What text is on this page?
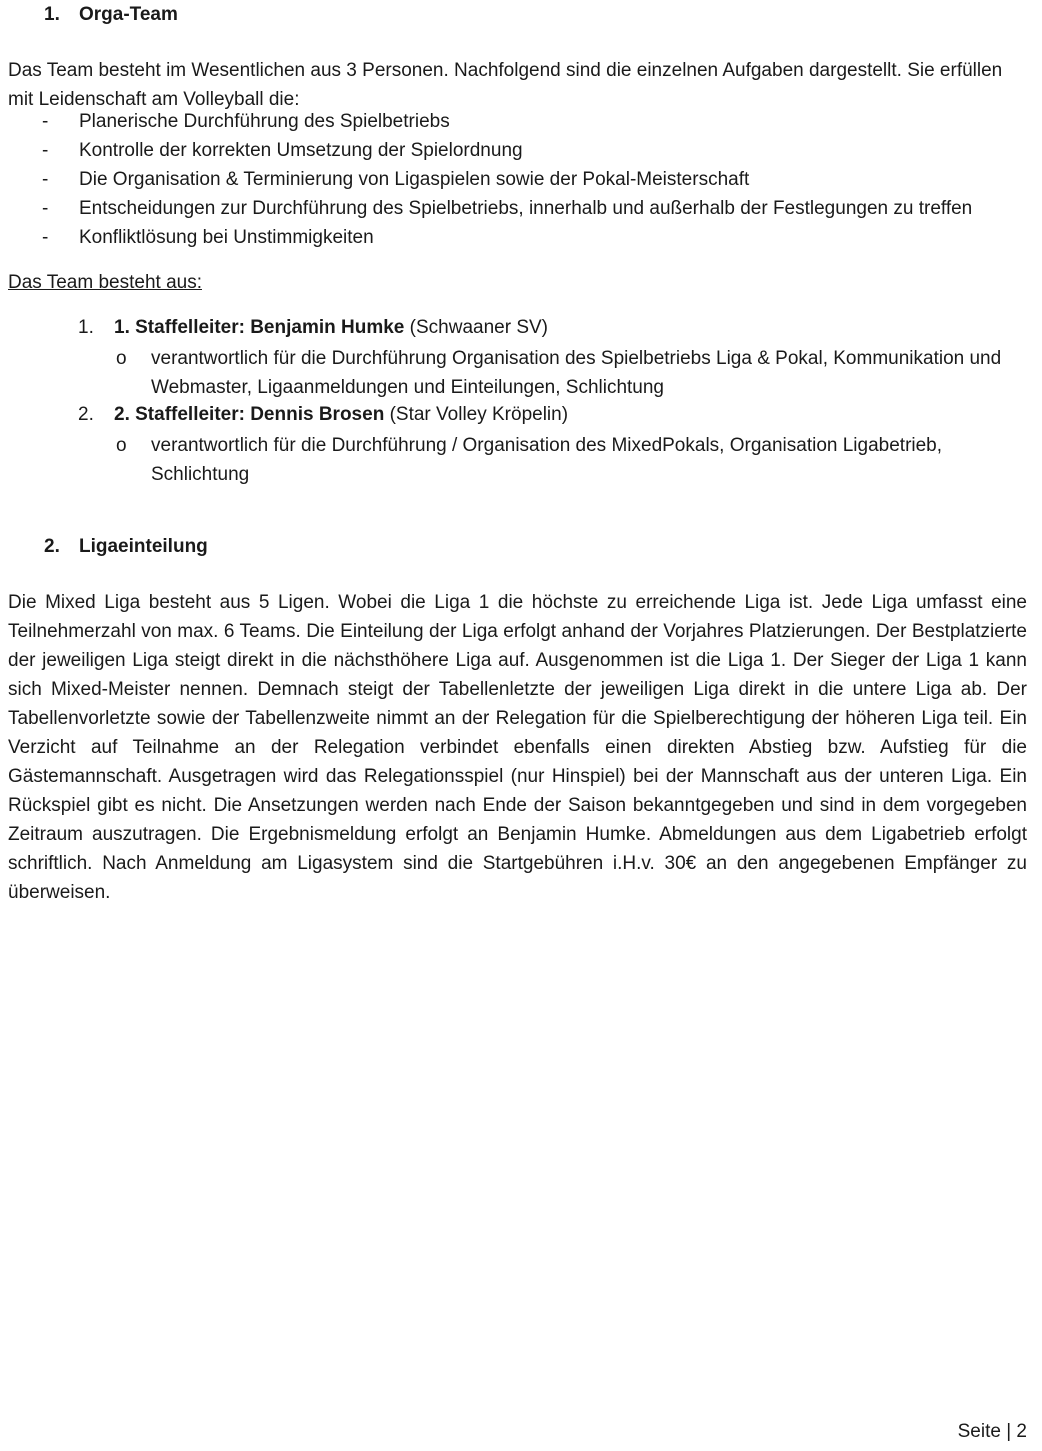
1. Orga-Team
Das Team besteht im Wesentlichen aus 3 Personen. Nachfolgend sind die einzelnen Aufgaben dargestellt. Sie erfüllen mit Leidenschaft am Volleyball die:
- Planerische Durchführung des Spielbetriebs
- Kontrolle der korrekten Umsetzung der Spielordnung
- Die Organisation & Terminierung von Ligaspielen sowie der Pokal-Meisterschaft
- Entscheidungen zur Durchführung des Spielbetriebs, innerhalb und außerhalb der Festlegungen zu treffen
- Konfliktlösung bei Unstimmigkeiten
Das Team besteht aus:
1. 1. Staffelleiter: Benjamin Humke (Schwaaner SV)
o	verantwortlich für die Durchführung Organisation des Spielbetriebs Liga & Pokal, Kommunikation und Webmaster, Ligaanmeldungen und Einteilungen, Schlichtung
2. 2. Staffelleiter: Dennis Brosen (Star Volley Kröpelin)
o	verantwortlich für die Durchführung / Organisation des MixedPokals, Organisation Ligabetrieb, Schlichtung
2. Ligaeinteilung
Die Mixed Liga besteht aus 5 Ligen. Wobei die Liga 1 die höchste zu erreichende Liga ist. Jede Liga umfasst eine Teilnehmerzahl von max. 6 Teams. Die Einteilung der Liga erfolgt anhand der Vorjahres Platzierungen. Der Bestplatzierte der jeweiligen Liga steigt direkt in die nächsthöhere Liga auf. Ausgenommen ist die Liga 1. Der Sieger der Liga 1 kann sich Mixed-Meister nennen. Demnach steigt der Tabellenletzte der jeweiligen Liga direkt in die untere Liga ab. Der Tabellenvorletzte sowie der Tabellenzweite nimmt an der Relegation für die Spielberechtigung der höheren Liga teil. Ein Verzicht auf Teilnahme an der Relegation verbindet ebenfalls einen direkten Abstieg bzw. Aufstieg für die Gästemannschaft. Ausgetragen wird das Relegationsspiel (nur Hinspiel) bei der Mannschaft aus der unteren Liga. Ein Rückspiel gibt es nicht. Die Ansetzungen werden nach Ende der Saison bekanntgegeben und sind in dem vorgegeben Zeitraum auszutragen. Die Ergebnismeldung erfolgt an Benjamin Humke. Abmeldungen aus dem Ligabetrieb erfolgt schriftlich. Nach Anmeldung am Ligasystem sind die Startgebühren i.H.v. 30€ an den angegebenen Empfänger zu überweisen.
Seite | 2
